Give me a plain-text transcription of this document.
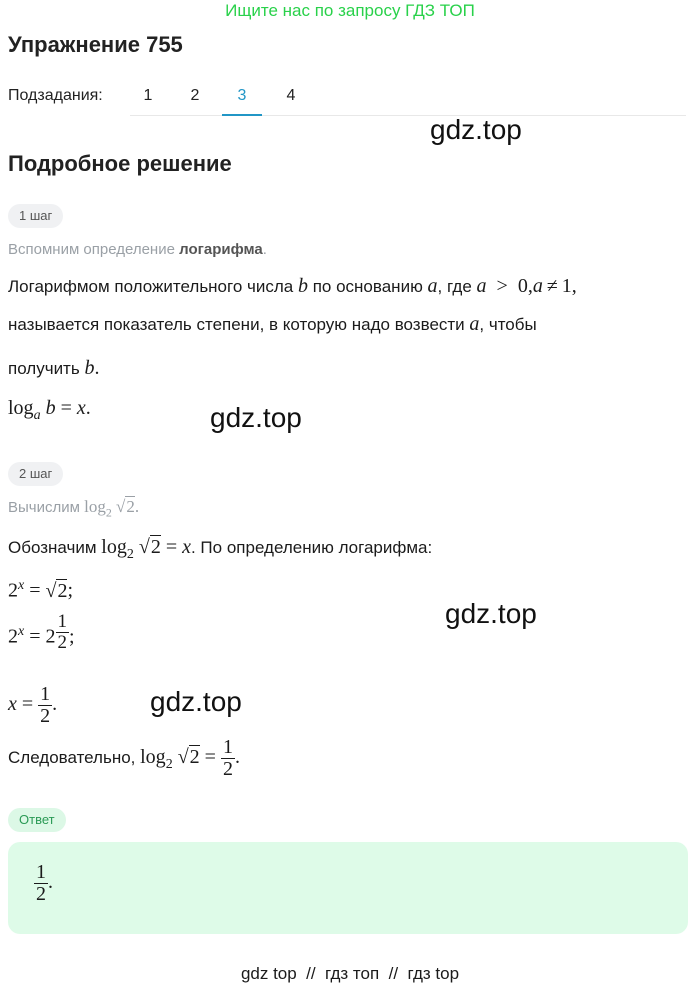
Ищите нас по запросу ГДЗ ТОП
Упражнение 755
Подзадания:	1	2	3	4
gdz.top
Подробное решение
1 шаг
Вспомним определение логарифма.
Логарифмом положительного числа b по основанию a, где a > 0,a ≠ 1,
называется показатель степени, в которую надо возвести a, чтобы
получить b.
$\log_a b = x$.	gdz.top
2 шаг
Вычислим $\log_2 √2$.
Обозначим $\log_2 √2 = x$. По определению логарифма:
$2^x = √2$;
$2^x = 2 \frac{1}{2}$ ;
gdz.top
$x = \frac{1}{2}$ .	gdz.top
Следовательно, $\log_2 √2 = \frac{1}{2}$ .
Ответ
$\frac{1}{2}$ .
gdz top  //  гдз топ  //  гдз top
